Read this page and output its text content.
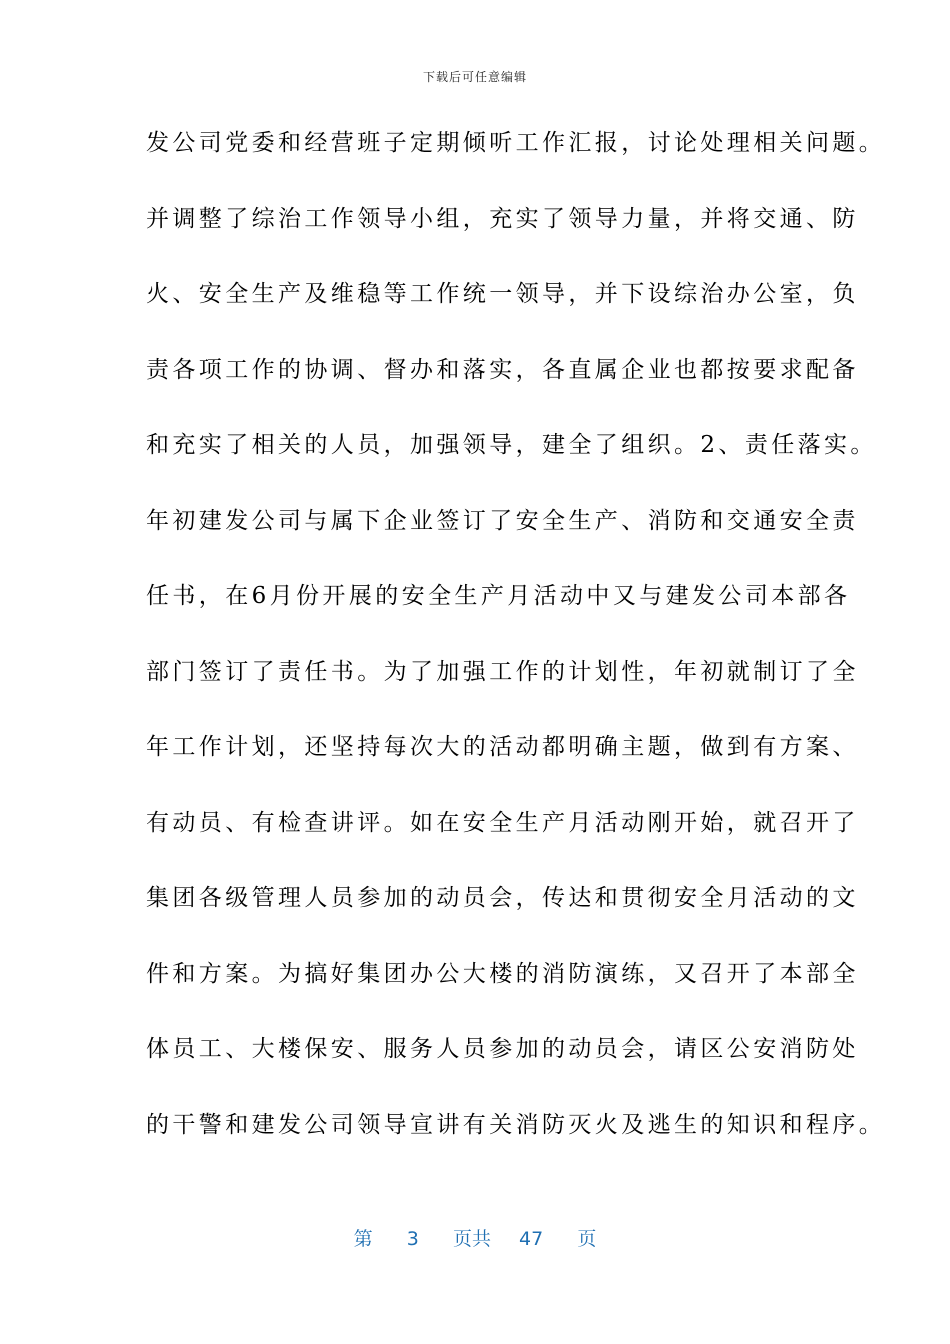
下载后可任意编辑
发公司党委和经营班子定期倾听工作汇报，讨论处理相关问题。
并调整了综治工作领导小组，充实了领导力量，并将交通、防
火、安全生产及维稳等工作统一领导，并下设综治办公室，负
责各项工作的协调、督办和落实，各直属企业也都按要求配备
和充实了相关的人员，加强领导，建全了组织。2、责任落实。
年初建发公司与属下企业签订了安全生产、消防和交通安全责
任书，在6月份开展的安全生产月活动中又与建发公司本部各
部门签订了责任书。为了加强工作的计划性，年初就制订了全
年工作计划，还坚持每次大的活动都明确主题，做到有方案、
有动员、有检查讲评。如在安全生产月活动刚开始，就召开了
集团各级管理人员参加的动员会，传达和贯彻安全月活动的文
件和方案。为搞好集团办公大楼的消防演练，又召开了本部全
体员工、大楼保安、服务人员参加的动员会，请区公安消防处
的干警和建发公司领导宣讲有关消防灭火及逃生的知识和程序。
第 3 页共 47 页
